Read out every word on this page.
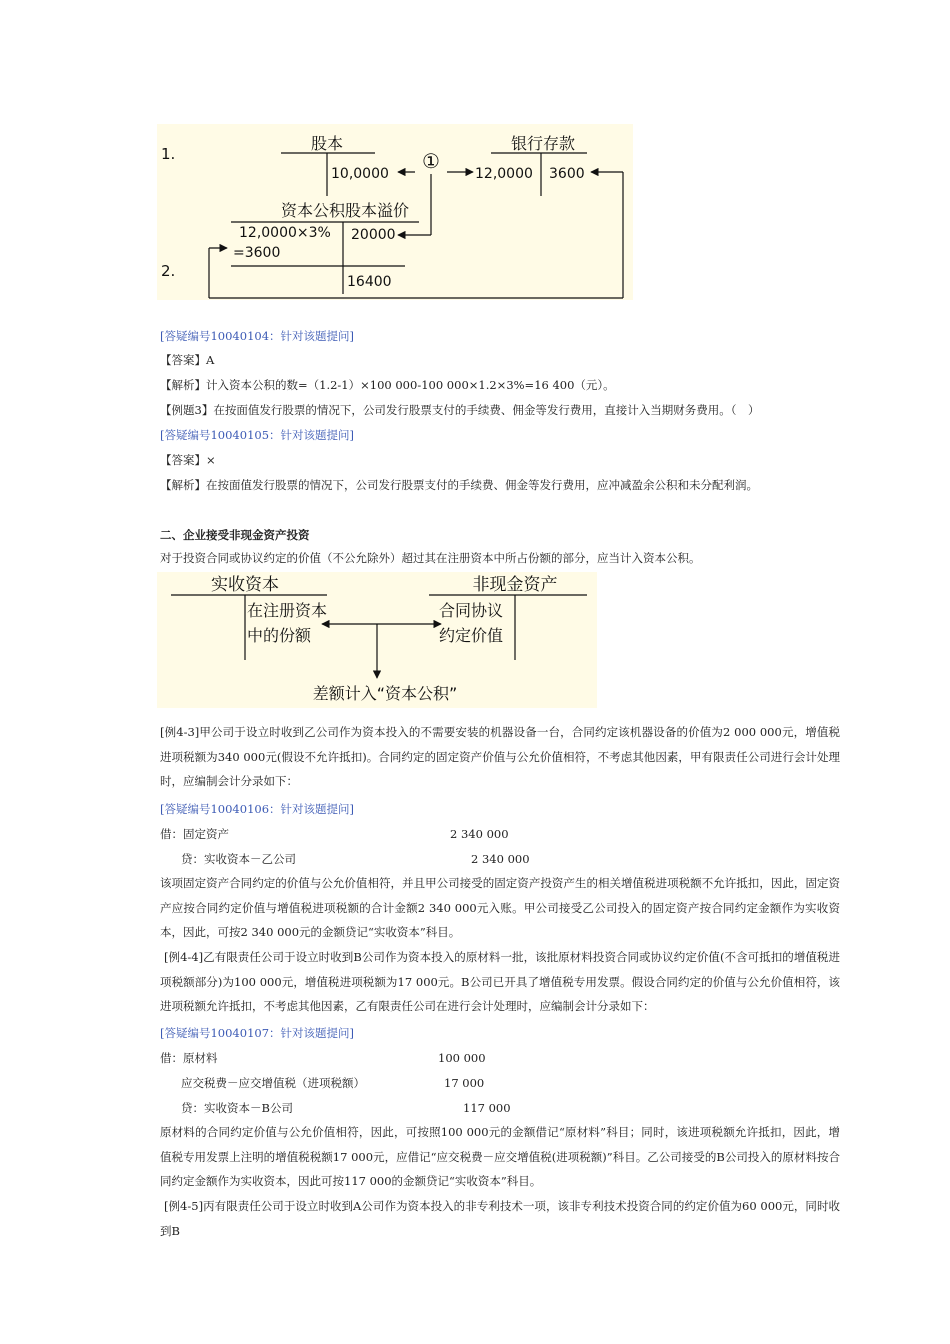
1.
2.
股本
10,0000
①
银行存款
12,0000 3600
资本公积股本溢价
12,0000×3%
=3600
20000
16400
[答疑编号10040104：针对该题提问]
【答案】A
【解析】计入资本公积的数=（1.2-1）×100 000-100 000×1.2×3%=16 400（元）。
【例题3】在按面值发行股票的情况下，公司发行股票支付的手续费、佣金等发行费用，直接计入当期财务费用。（　）
[答疑编号10040105：针对该题提问]
【答案】×
【解析】在按面值发行股票的情况下，公司发行股票支付的手续费、佣金等发行费用，应冲减盈余公积和未分配利润。
二、企业接受非现金资产投资
对于投资合同或协议约定的价值（不公允除外）超过其在注册资本中所占份额的部分，应当计入资本公积。
实收资本
在注册资本
中的份额
非现金资产
合同协议
约定价值
差额计入“资本公积”
[例4-3]甲公司于设立时收到乙公司作为资本投入的不需要安装的机器设备一台，合同约定该机器设备的价值为2 000 000元，增值税进项税额为340 000元(假设不允许抵扣)。合同约定的固定资产价值与公允价值相符，不考虑其他因素，甲有限责任公司进行会计处理时，应编制会计分录如下：
[答疑编号10040106：针对该题提问]
借：固定资产	2 340 000
贷：实收资本－乙公司	2 340 000
该项固定资产合同约定的价值与公允价值相符，并且甲公司接受的固定资产投资产生的相关增值税进项税额不允许抵扣，因此，固定资产应按合同约定价值与增值税进项税额的合计金额2 340 000元入账。甲公司接受乙公司投入的固定资产按合同约定金额作为实收资本，因此，可按2 340 000元的金额贷记“实收资本”科目。
[例4-4]乙有限责任公司于设立时收到B公司作为资本投入的原材料一批，该批原材料投资合同或协议约定价值(不含可抵扣的增值税进项税额部分)为100 000元，增值税进项税额为17 000元。B公司已开具了增值税专用发票。假设合同约定的价值与公允价值相符，该进项税额允许抵扣，不考虑其他因素，乙有限责任公司在进行会计处理时，应编制会计分录如下：
[答疑编号10040107：针对该题提问]
借：原材料	100 000
应交税费－应交增值税（进项税额）	17 000
贷：实收资本－B公司	117 000
原材料的合同约定价值与公允价值相符，因此，可按照100 000元的金额借记“原材料”科目；同时，该进项税额允许抵扣，因此，增值税专用发票上注明的增值税税额17 000元，应借记“应交税费－应交增值税(进项税额)”科目。乙公司接受的B公司投入的原材料按合同约定金额作为实收资本，因此可按117 000的金额贷记“实收资本”科目。
[例4-5]丙有限责任公司于设立时收到A公司作为资本投入的非专利技术一项，该非专利技术投资合同的约定价值为60 000元，同时收到B
